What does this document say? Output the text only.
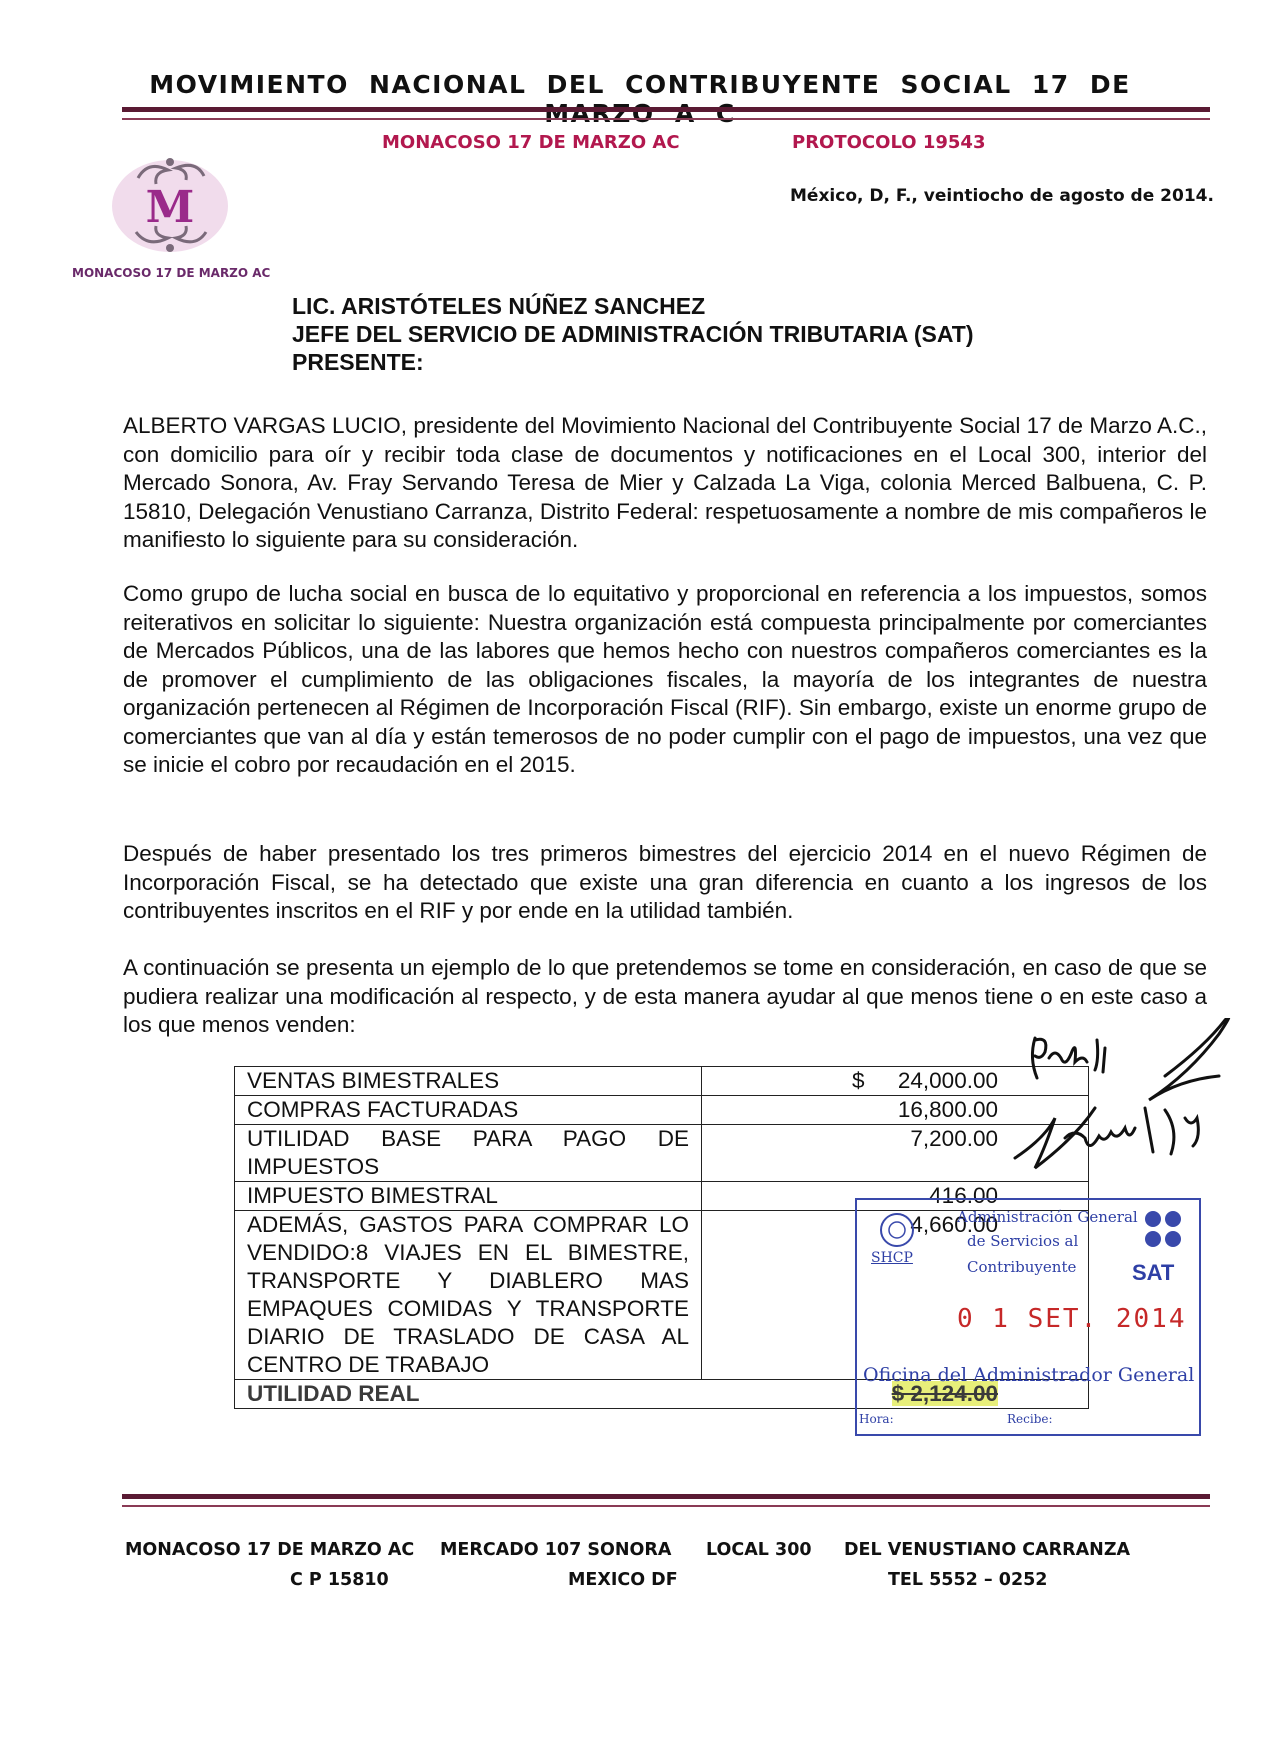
MOVIMIENTO NACIONAL DEL CONTRIBUYENTE SOCIAL 17 DE MARZO A C
MONACOSO 17 DE MARZO AC	PROTOCOLO 19543
México, D, F., veintiocho de agosto de 2014.
M
MONACOSO 17 DE MARZO AC
LIC. ARISTÓTELES NÚÑEZ SANCHEZ
JEFE DEL SERVICIO DE ADMINISTRACIÓN TRIBUTARIA (SAT)
PRESENTE:
ALBERTO VARGAS LUCIO, presidente del Movimiento Nacional del Contribuyente Social 17 de Marzo A.C., con domicilio para oír y recibir toda clase de documentos y notificaciones en el Local 300, interior del Mercado Sonora, Av. Fray Servando Teresa de Mier y Calzada La Viga, colonia Merced Balbuena, C. P. 15810, Delegación Venustiano Carranza, Distrito Federal: respetuosamente a nombre de mis compañeros le manifiesto lo siguiente para su consideración.
Como grupo de lucha social en busca de lo equitativo y proporcional en referencia a los impuestos, somos reiterativos en solicitar lo siguiente: Nuestra organización está compuesta principalmente por comerciantes de Mercados Públicos, una de las labores que hemos hecho con nuestros compañeros comerciantes es la de promover el cumplimiento de las obligaciones fiscales, la mayoría de los integrantes de nuestra organización pertenecen al Régimen de Incorporación Fiscal (RIF). Sin embargo, existe un enorme grupo de comerciantes que van al día y están temerosos de no poder cumplir con el pago de impuestos, una vez que se inicie el cobro por recaudación en el 2015.
Después de haber presentado los tres primeros bimestres del ejercicio 2014 en el nuevo Régimen de Incorporación Fiscal, se ha detectado que existe una gran diferencia en cuanto a los ingresos de los contribuyentes inscritos en el RIF y por ende en la utilidad también.
A continuación se presenta un ejemplo de lo que pretendemos se tome en consideración, en caso de que se pudiera realizar una modificación al respecto, y de esta manera ayudar al que menos tiene o en este caso a los que menos venden:
VENTAS BIMESTRALES	$ 24,000.00
COMPRAS FACTURADAS	16,800.00
UTILIDAD BASE PARA PAGO DE IMPUESTOS	7,200.00
IMPUESTO BIMESTRAL	416.00
ADEMÁS, GASTOS PARA COMPRAR LO VENDIDO:8 VIAJES EN EL BIMESTRE, TRANSPORTE Y DIABLERO MAS EMPAQUES COMIDAS Y TRANSPORTE DIARIO DE TRASLADO DE CASA AL CENTRO DE TRABAJO	4,660.00
UTILIDAD REAL	$ 2,124.00
Administración General
de Servicios al
Contribuyente
SHCP
SAT
0 1 SET. 2014
Oficina del Administrador General
Hora:	Recibe:
MONACOSO 17 DE MARZO AC MERCADO 107 SONORA LOCAL 300 DEL VENUSTIANO CARRANZA
C P 15810	MEXICO DF	TEL 5552 – 0252
